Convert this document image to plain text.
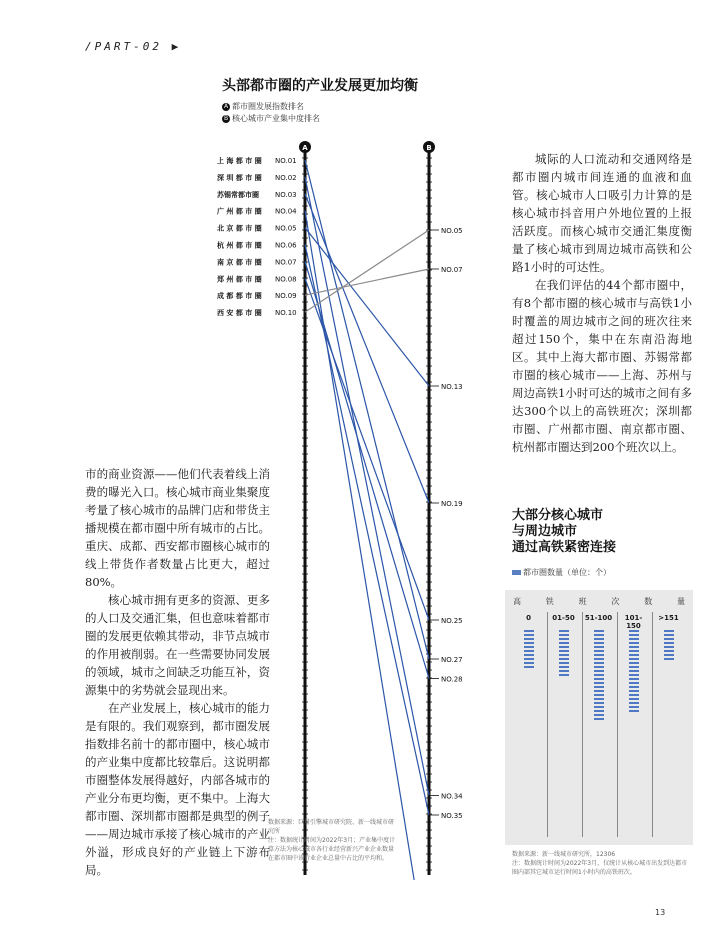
/PART-02 ▶
头部都市圈的产业发展更加均衡
A 都市圈发展指数排名
B 核心城市产业集中度排名
A	B
上 海 都 市 圈 NO.01
深 圳 都 市 圈 NO.02
苏锡常都市圈 NO.03
广 州 都 市 圈 NO.04
北 京 都 市 圈 NO.05
杭 州 都 市 圈 NO.06
南 京 都 市 圈 NO.07
郑 州 都 市 圈 NO.08
成 都 都 市 圈 NO.09
西 安 都 市 圈 NO.10
NO.05
NO.07
NO.13
NO.19
NO.25
NO.27
NO.28
NO.34
NO.35

城际的人口流动和交通网络是都市圈内城市间连通的血液和血管。核心城市人口吸引力计算的是核心城市抖音用户外地位置的上报活跃度。而核心城市交通汇集度衡量了核心城市到周边城市高铁和公路1小时的可达性。

在我们评估的44个都市圈中，有8个都市圈的核心城市与高铁1小时覆盖的周边城市之间的班次往来超过150个，集中在东南沿海地区。其中上海大都市圈、苏锡常都市圈的核心城市——上海、苏州与周边高铁1小时可达的城市之间有多达300个以上的高铁班次；深圳都市圈、广州都市圈、南京都市圈、杭州都市圈达到200个班次以上。

市的商业资源——他们代表着线上消费的曝光入口。核心城市商业集聚度考量了核心城市的品牌门店和带货主播规模在都市圈中所有城市的占比。重庆、成都、西安都市圈核心城市的线上带货作者数量占比更大，超过80%。

核心城市拥有更多的资源、更多的人口及交通汇集，但也意味着都市圈的发展更依赖其带动，非节点城市的作用被削弱。在一些需要协同发展的领域，城市之间缺乏功能互补，资源集中的劣势就会显现出来。

在产业发展上，核心城市的能力是有限的。我们观察到，都市圈发展指数排名前十的都市圈中，核心城市的产业集中度都比较靠后。这说明都市圈整体发展得越好，内部各城市的产业分布更均衡，更不集中。上海大都市圈、深圳都市圈都是典型的例子——周边城市承接了核心城市的产业外溢，形成良好的产业链上下游布局。

数据来源：巨量引擎城市研究院、新一线城市研究所
注：数据统计时间为2022年3月；产业集中度计算方法为核心城市各行业经营新兴产业企业数量在都市圈中该行业企业总量中占比的平均和。
大部分核心城市
与周边城市
通过高铁紧密连接
都市圈数量（单位：个）
高	铁	班	次	数	量
0	01-50	51-100	101-150
>151
数据来源：新一线城市研究所，12306
注：数据统计时间为2022年3月，仅统计从核心城市出发到达都市圈内部其它城市运行时间1小时内的高铁班次。
13
